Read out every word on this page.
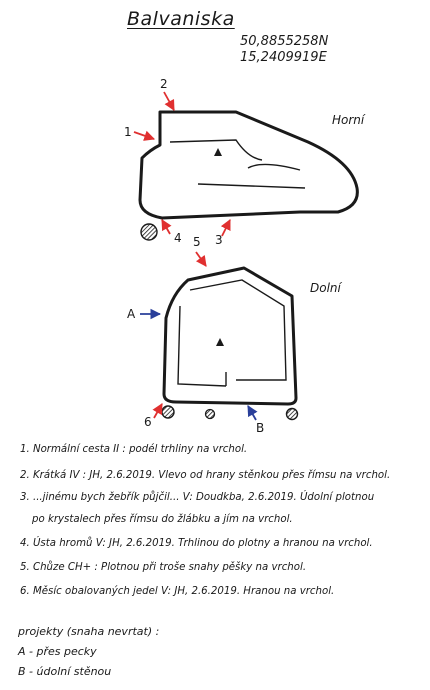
Balvaniska
50,8855258N
15,2409919E
Horní
1
2
3
4
Dolní
5
6
A
B
1. Normální cesta II : podél trhliny na vrchol.
2. Krátká IV : JH, 2.6.2019. Vlevo od hrany stěnkou přes římsu na vrchol.
3. ...jinému bych žebřík půjčil... V: Doudkba, 2.6.2019. Údolní plotnou
po krystalech přes římsu do žlábku a jím na vrchol.
4. Ústa hromů V: JH, 2.6.2019. Trhlinou do plotny a hranou na vrchol.
5. Chůze CH+ : Plotnou při troše snahy pěšky na vrchol.
6. Měsíc obalovaných jedel V: JH, 2.6.2019. Hranou na vrchol.
projekty (snaha nevrtat) :
A - přes pecky
B - údolní stěnou
